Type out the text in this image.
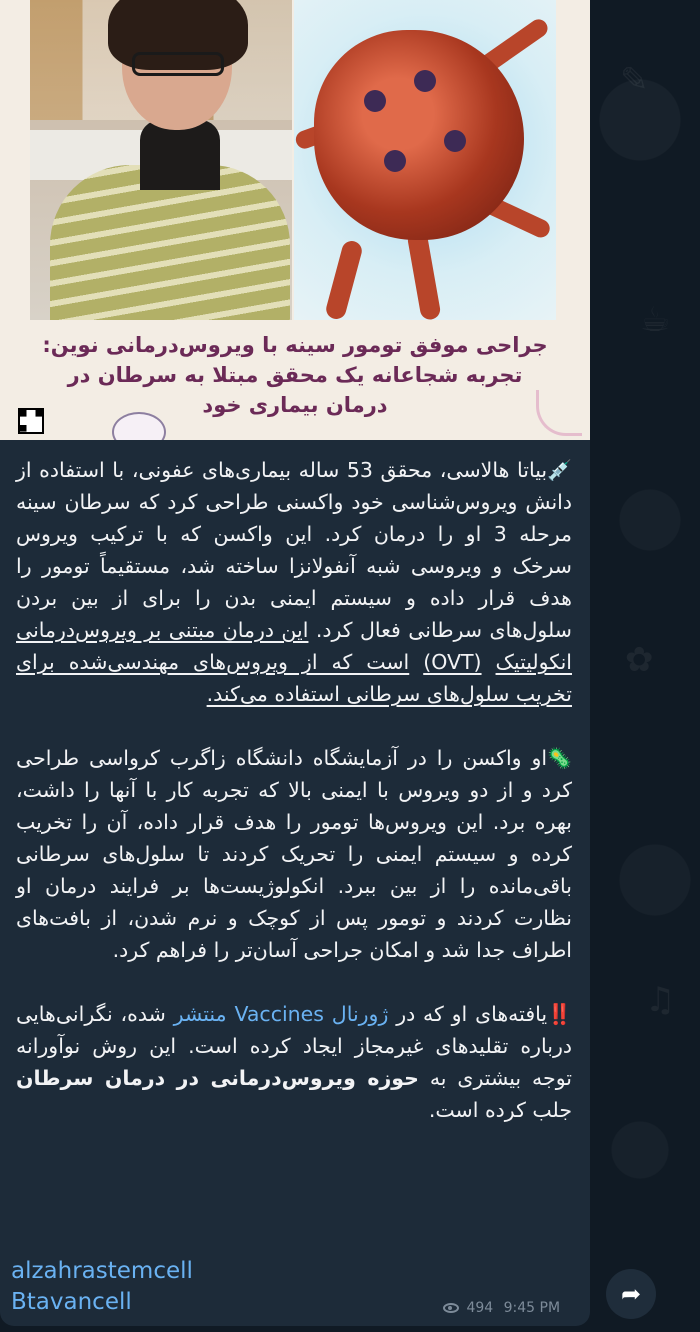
✎
☕
✿
♫
جراحی موفق تومور سینه با ویروس‌درمانی نوین:
تجربه شجاعانه یک محقق مبتلا به سرطان در
درمان بیماری خود
💉بیاتا هالاسی، محقق 53 ساله بیماری‌های عفونی، با استفاده از دانش ویروس‌شناسی خود واکسنی طراحی کرد که سرطان سینه مرحله 3 او را درمان کرد. این واکسن که با ترکیب ویروس سرخک و ویروسی شبه آنفولانزا ساخته شد، مستقیماً تومور را هدف قرار داده و سیستم ایمنی بدن را برای از بین بردن سلول‌های سرطانی فعال کرد. این درمان مبتنی بر ویروس‌درمانی انکولیتیک (OVT) است که از ویروس‌های مهندسی‌شده برای تخریب سلول‌های سرطانی استفاده می‌کند.
🦠او واکسن را در آزمایشگاه دانشگاه زاگرب کرواسی طراحی کرد و از دو ویروس با ایمنی بالا که تجربه کار با آنها را داشت، بهره برد. این ویروس‌ها تومور را هدف قرار داده، آن را تخریب کرده و سیستم ایمنی را تحریک کردند تا سلول‌های سرطانی باقی‌مانده را از بین ببرد. انکولوژیست‌ها بر فرایند درمان او نظارت کردند و تومور پس از کوچک و نرم شدن، از بافت‌های اطراف جدا شد و امکان جراحی آسان‌تر را فراهم کرد.
‼️یافته‌های او که در ژورنال Vaccines منتشر شده، نگرانی‌هایی درباره تقلیدهای غیرمجاز ایجاد کرده است. این روش نوآورانه توجه بیشتری به حوزه ویروس‌درمانی در درمان سرطان جلب کرده است.
alzahrastemcell
Btavancell	494 9:45 PM	➦
